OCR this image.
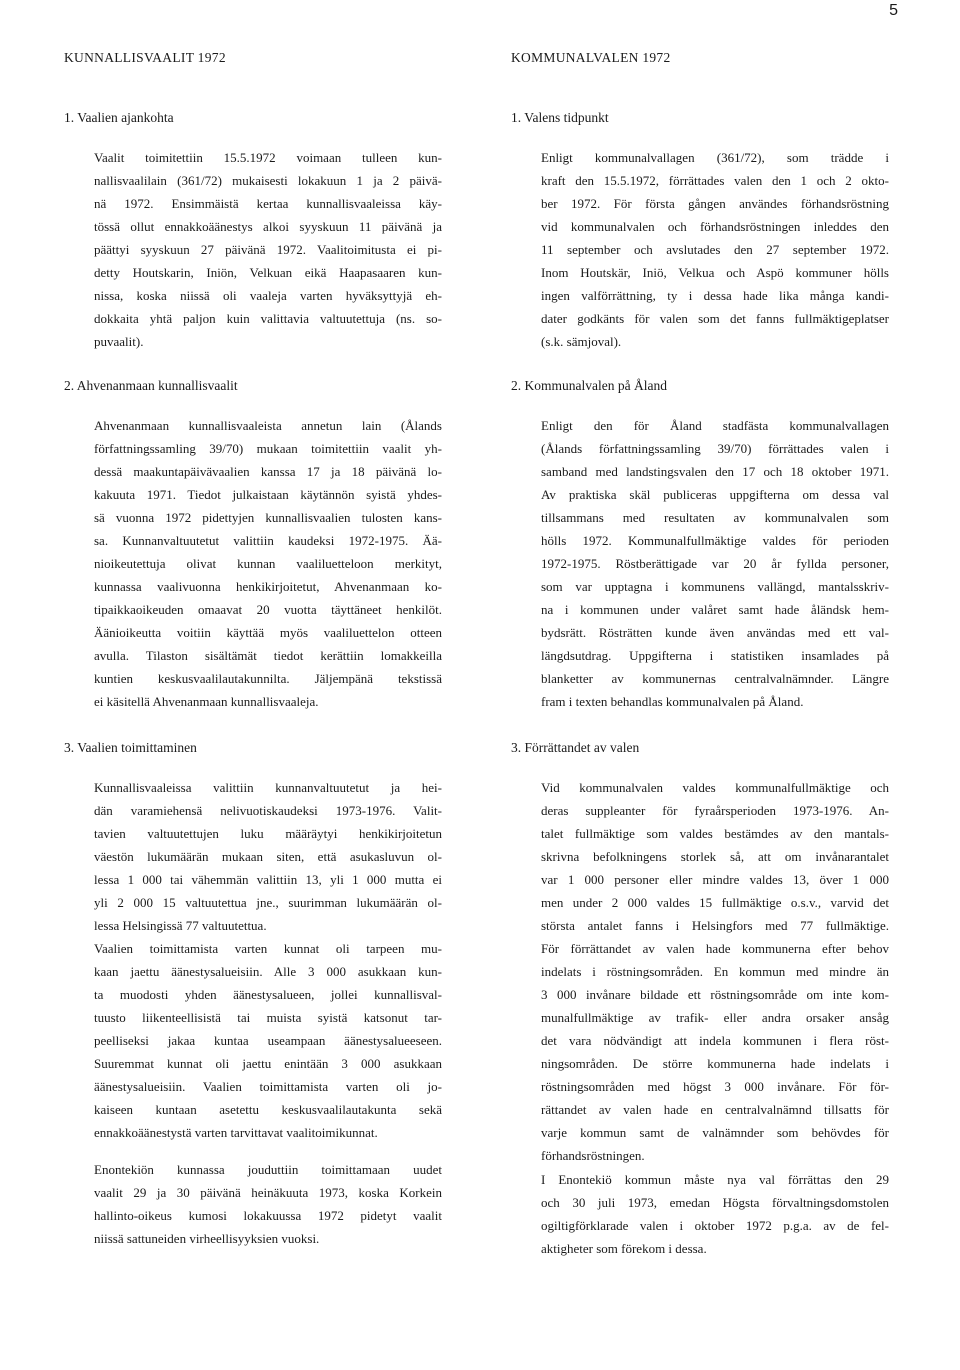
5
KUNNALLISVAALIT 1972
1. Vaalien ajankohta
Vaalit toimitettiin 15.5.1972 voimaan tulleen kun-
nallisvaalilain (361/72) mukaisesti lokakuun 1 ja 2 päivä-
nä 1972. Ensimmäistä kertaa kunnallisvaaleissa käy-
tössä ollut ennakkoäänestys alkoi syyskuun 11 päivänä ja
päättyi syyskuun 27 päivänä 1972. Vaalitoimitusta ei pi-
detty Houtskarin, Iniön, Velkuan eikä Haapasaaren kun-
nissa, koska niissä oli vaaleja varten hyväksyttyjä eh-
dokkaita yhtä paljon kuin valittavia valtuutettuja (ns. so-
puvaalit).
2. Ahvenanmaan kunnallisvaalit
Ahvenanmaan kunnallisvaaleista annetun lain (Ålands
författningssamling 39/70) mukaan toimitettiin vaalit yh-
dessä maakuntapäivävaalien kanssa 17 ja 18 päivänä lo-
kakuuta 1971. Tiedot julkaistaan käytännön syistä yhdes-
sä vuonna 1972 pidettyjen kunnallisvaalien tulosten kans-
sa. Kunnanvaltuutetut valittiin kaudeksi 1972-1975. Ää-
nioikeutettuja olivat kunnan vaaliluetteloon merkityt,
kunnassa vaalivuonna henkikirjoitetut, Ahvenanmaan ko-
tipaikkaoikeuden omaavat 20 vuotta täyttäneet henkilöt.
Äänioikeutta voitiin käyttää myös vaaliluettelon otteen
avulla. Tilaston sisältämät tiedot kerättiin lomakkeilla
kuntien keskusvaalilautakunnilta. Jäljempänä tekstissä
ei käsitellä Ahvenanmaan kunnallisvaaleja.
3. Vaalien toimittaminen
Kunnallisvaaleissa valittiin kunnanvaltuutetut ja hei-
dän varamiehensä nelivuotiskaudeksi 1973-1976. Valit-
tavien valtuutettujen luku määräytyi henkikirjoitetun
väestön lukumäärän mukaan siten, että asukasluvun ol-
lessa 1 000 tai vähemmän valittiin 13, yli 1 000 mutta ei
yli 2 000 15 valtuutettua jne., suurimman lukumäärän ol-
lessa Helsingissä 77 valtuutettua.
Vaalien toimittamista varten kunnat oli tarpeen mu-
kaan jaettu äänestysalueisiin. Alle 3 000 asukkaan kun-
ta muodosti yhden äänestysalueen, jollei kunnallisval-
tuusto liikenteellisistä tai muista syistä katsonut tar-
peelliseksi jakaa kuntaa useampaan äänestysalueeseen.
Suuremmat kunnat oli jaettu enintään 3 000 asukkaan
äänestysalueisiin. Vaalien toimittamista varten oli jo-
kaiseen kuntaan asetettu keskusvaalilautakunta sekä
ennakkoäänestystä varten tarvittavat vaalitoimikunnat.
Enontekiön kunnassa jouduttiin toimittamaan uudet
vaalit 29 ja 30 päivänä heinäkuuta 1973, koska Korkein
hallinto-oikeus kumosi lokakuussa 1972 pidetyt vaalit
niissä sattuneiden virheellisyyksien vuoksi.
KOMMUNALVALEN 1972
1. Valens tidpunkt
Enligt kommunalvallagen (361/72), som trädde i
kraft den 15.5.1972, förrättades valen den 1 och 2 okto-
ber 1972. För första gången användes förhandsröstning
vid kommunalvalen och förhandsröstningen inleddes den
11 september och avslutades den 27 september 1972.
Inom Houtskär, Iniö, Velkua och Aspö kommuner hölls
ingen valförrättning, ty i dessa hade lika många kandi-
dater godkänts för valen som det fanns fullmäktigeplatser
(s.k. sämjoval).
2. Kommunalvalen på Åland
Enligt den för Åland stadfästa kommunalvallagen
(Ålands författningssamling 39/70) förrättades valen i
samband med landstingsvalen den 17 och 18 oktober 1971.
Av praktiska skäl publiceras uppgifterna om dessa val
tillsammans med resultaten av kommunalvalen som
hölls 1972. Kommunalfullmäktige valdes för perioden
1972-1975. Röstberättigade var 20 år fyllda personer,
som var upptagna i kommunens vallängd, mantalsskriv-
na i kommunen under valåret samt hade åländsk hem-
bydsrätt. Rösträtten kunde även användas med ett val-
längdsutdrag. Uppgifterna i statistiken insamlades på
blanketter av kommunernas centralvalnämnder. Längre
fram i texten behandlas kommunalvalen på Åland.
3. Förrättandet av valen
Vid kommunalvalen valdes kommunalfullmäktige och
deras suppleanter för fyraårsperioden 1973-1976. An-
talet fullmäktige som valdes bestämdes av den mantals-
skrivna befolkningens storlek så, att om invånarantalet
var 1 000 personer eller mindre valdes 13, över 1 000
men under 2 000 valdes 15 fullmäktige o.s.v., varvid det
största antalet fanns i Helsingfors med 77 fullmäktige.
För förrättandet av valen hade kommunerna efter behov
indelats i röstningsområden. En kommun med mindre än
3 000 invånare bildade ett röstningsområde om inte kom-
munalfullmäktige av trafik- eller andra orsaker ansåg
det vara nödvändigt att indela kommunen i flera röst-
ningsområden. De större kommunerna hade indelats i
röstningsområden med högst 3 000 invånare. För för-
rättandet av valen hade en centralvalnämnd tillsatts för
varje kommun samt de valnämnder som behövdes för
förhandsröstningen.
I Enontekiö kommun måste nya val förrättas den 29
och 30 juli 1973, emedan Högsta förvaltningsdomstolen
ogiltigförklarade valen i oktober 1972 p.g.a. av de fel-
aktigheter som förekom i dessa.
